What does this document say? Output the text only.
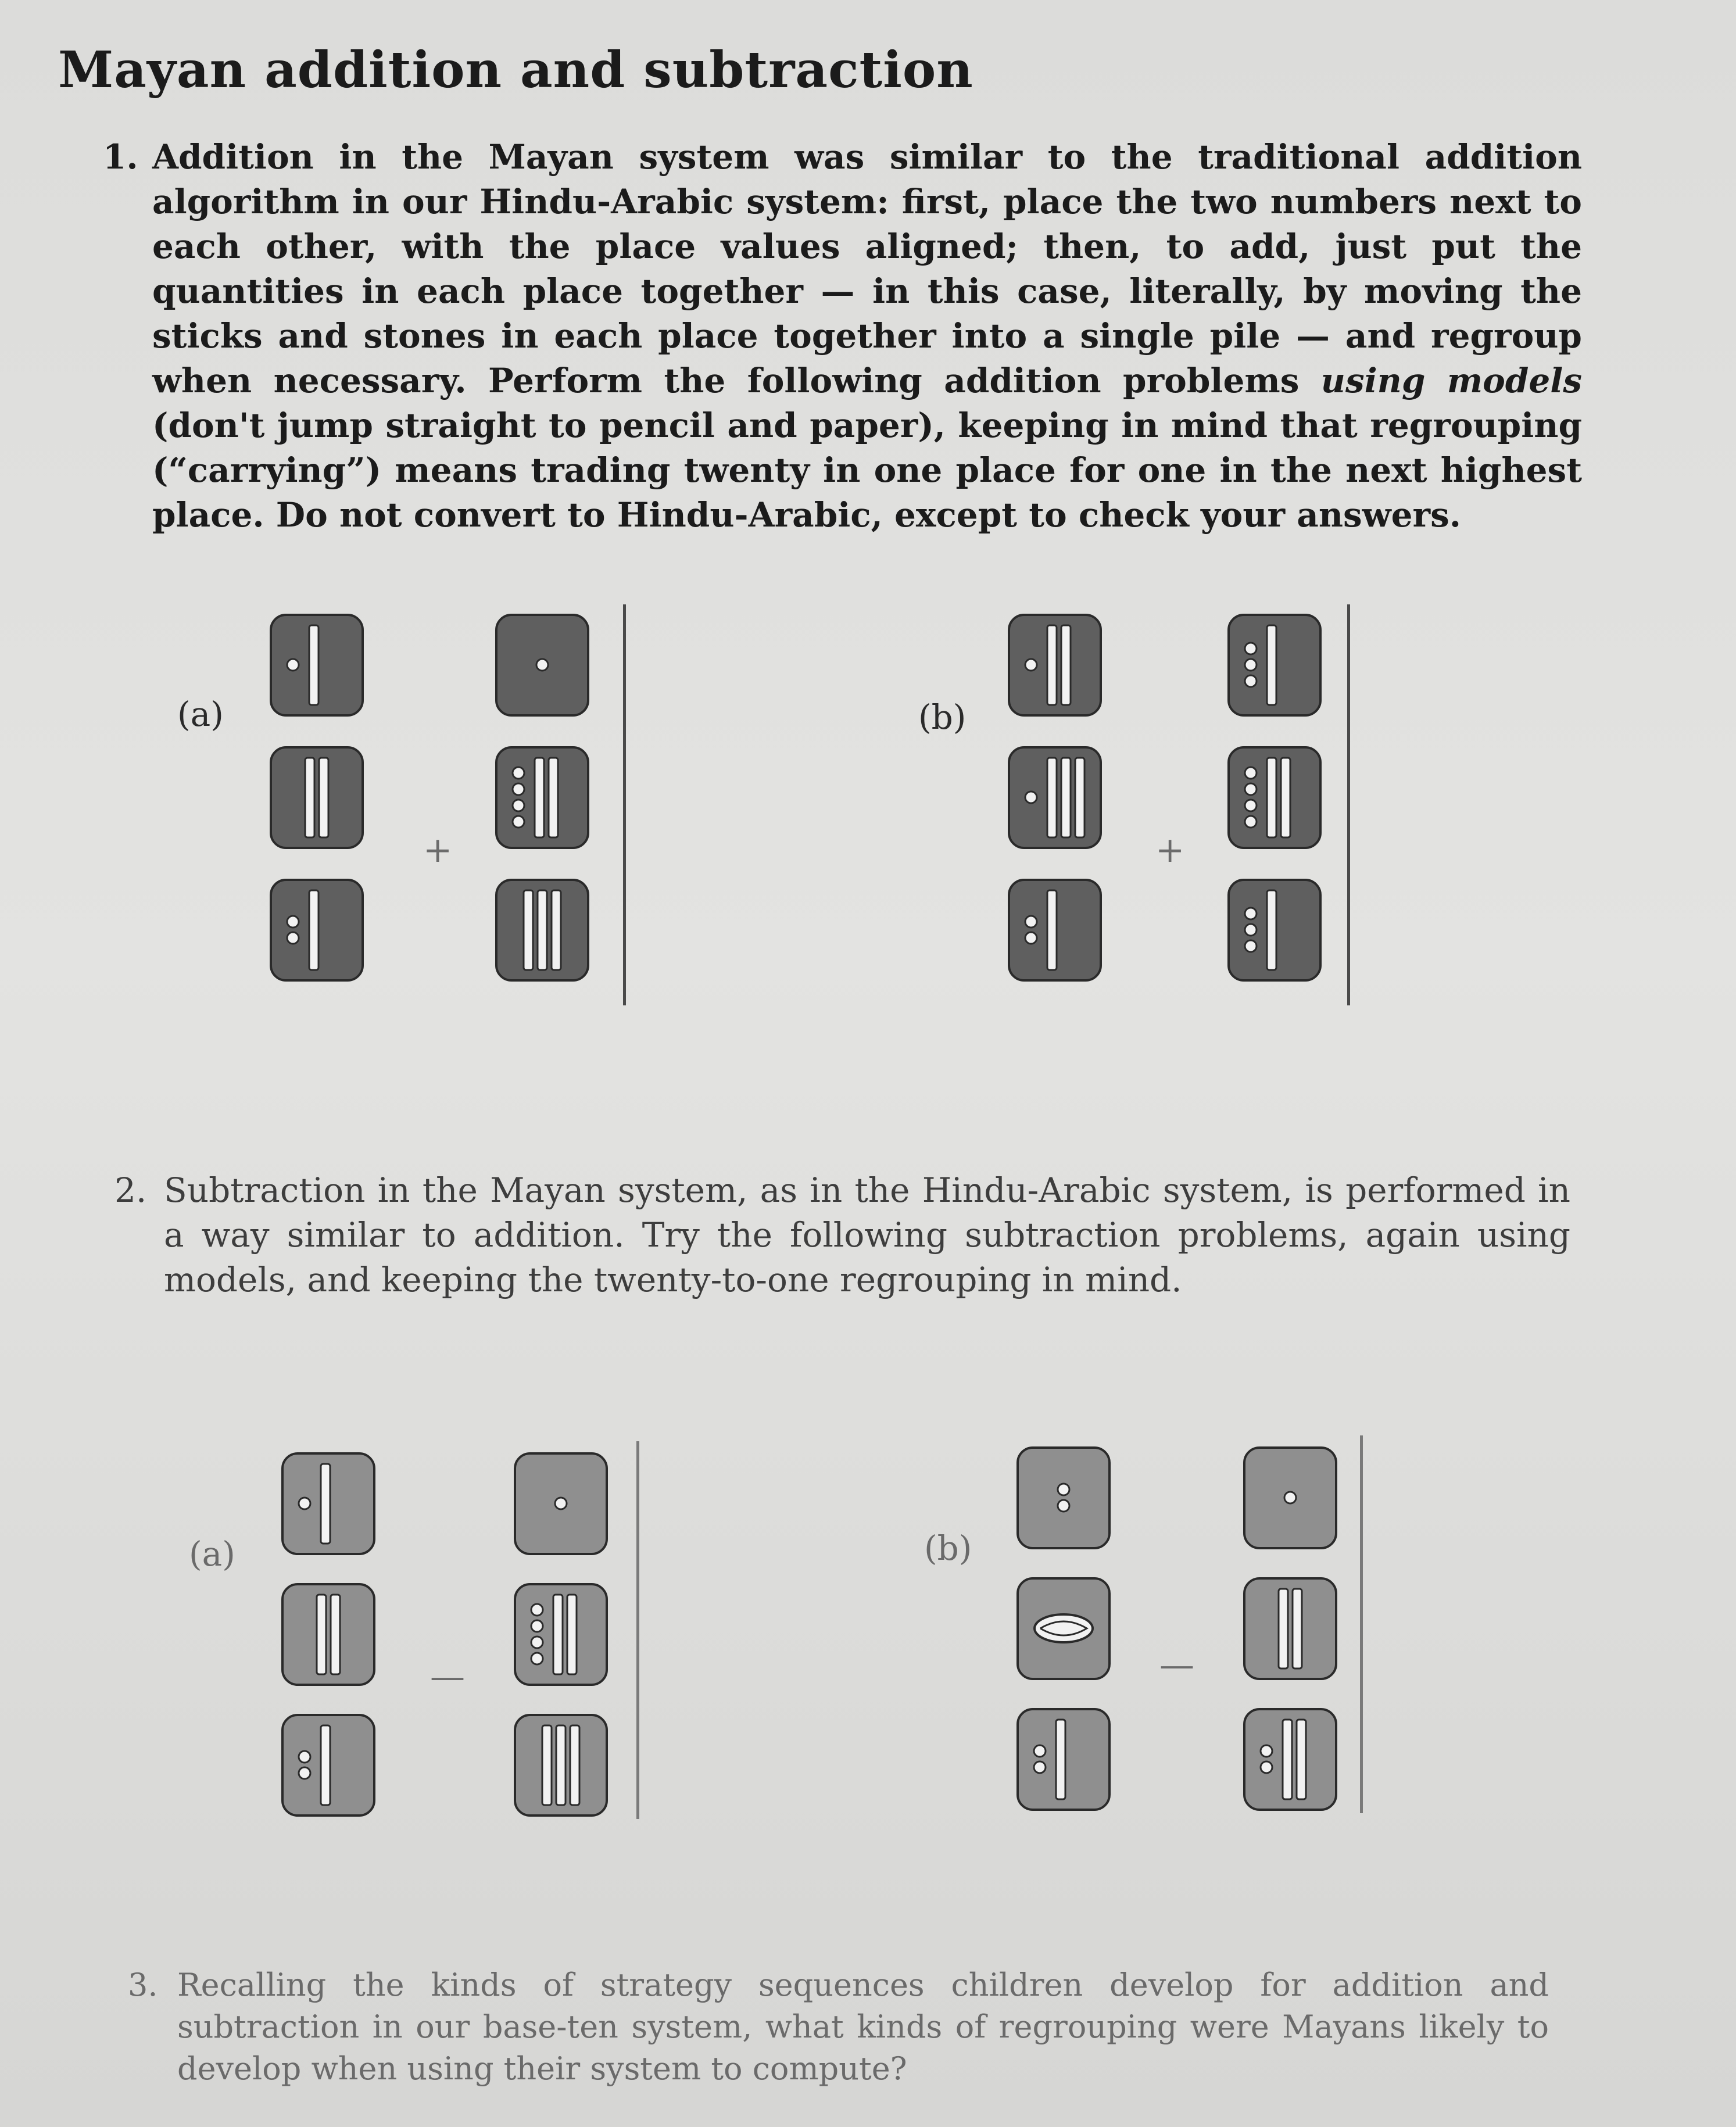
Mayan addition and subtraction

1. Addition in the Mayan system was similar to the traditional addition algorithm in our Hindu-Arabic system: first, place the two numbers next to each other, with the place values aligned; then, to add, just put the quantities in each place together — in this case, literally, by moving the sticks and stones in each place together into a single pile — and regroup when necessary. Perform the following addition problems using models (don't jump straight to pencil and paper), keeping in mind that regrouping (“carrying”) means trading twenty in one place for one in the next highest place. Do not convert to Hindu-Arabic, except to check your answers.

(a)
+
(b)
+

2. Subtraction in the Mayan system, as in the Hindu-Arabic system, is performed in a way similar to addition. Try the following subtraction problems, again using models, and keeping the twenty-to-one regrouping in mind.

(a)
—
(b)
—

3. Recalling the kinds of strategy sequences children develop for addition and subtraction in our base-ten system, what kinds of regrouping were Mayans likely to develop when using their system to compute?
